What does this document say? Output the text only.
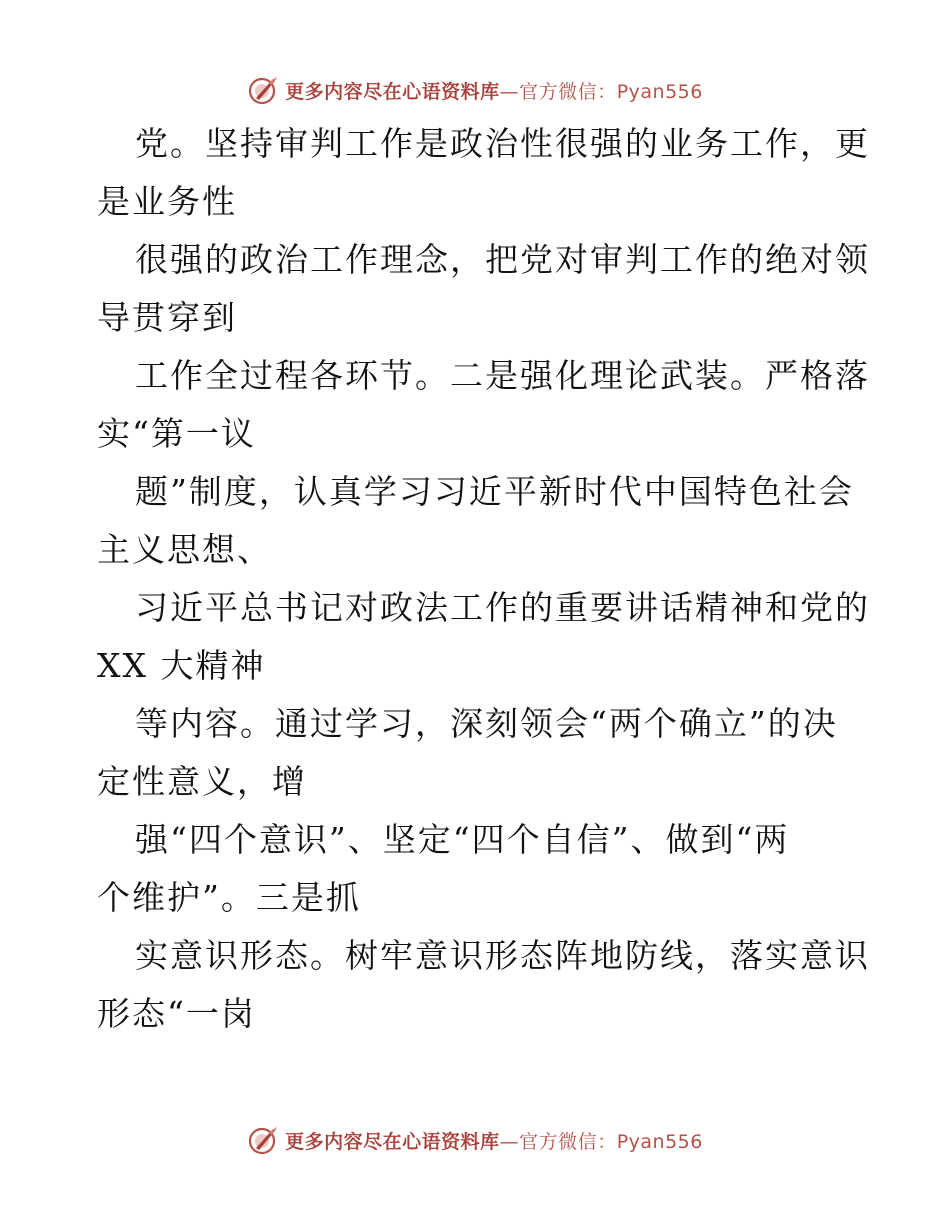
更多内容尽在心语资料库—官方微信：Pyan556
党。坚持审判工作是政治性很强的业务工作，更
是业务性
很强的政治工作理念，把党对审判工作的绝对领
导贯穿到
工作全过程各环节。二是强化理论武装。严格落
实“第一议
题”制度，认真学习习近平新时代中国特色社会
主义思想、
习近平总书记对政法工作的重要讲话精神和党的
XX 大精神
等内容。通过学习，深刻领会“两个确立”的决
定性意义，增
强“四个意识”、坚定“四个自信”、做到“两
个维护”。三是抓
实意识形态。树牢意识形态阵地防线，落实意识
形态“一岗
更多内容尽在心语资料库—官方微信：Pyan556
